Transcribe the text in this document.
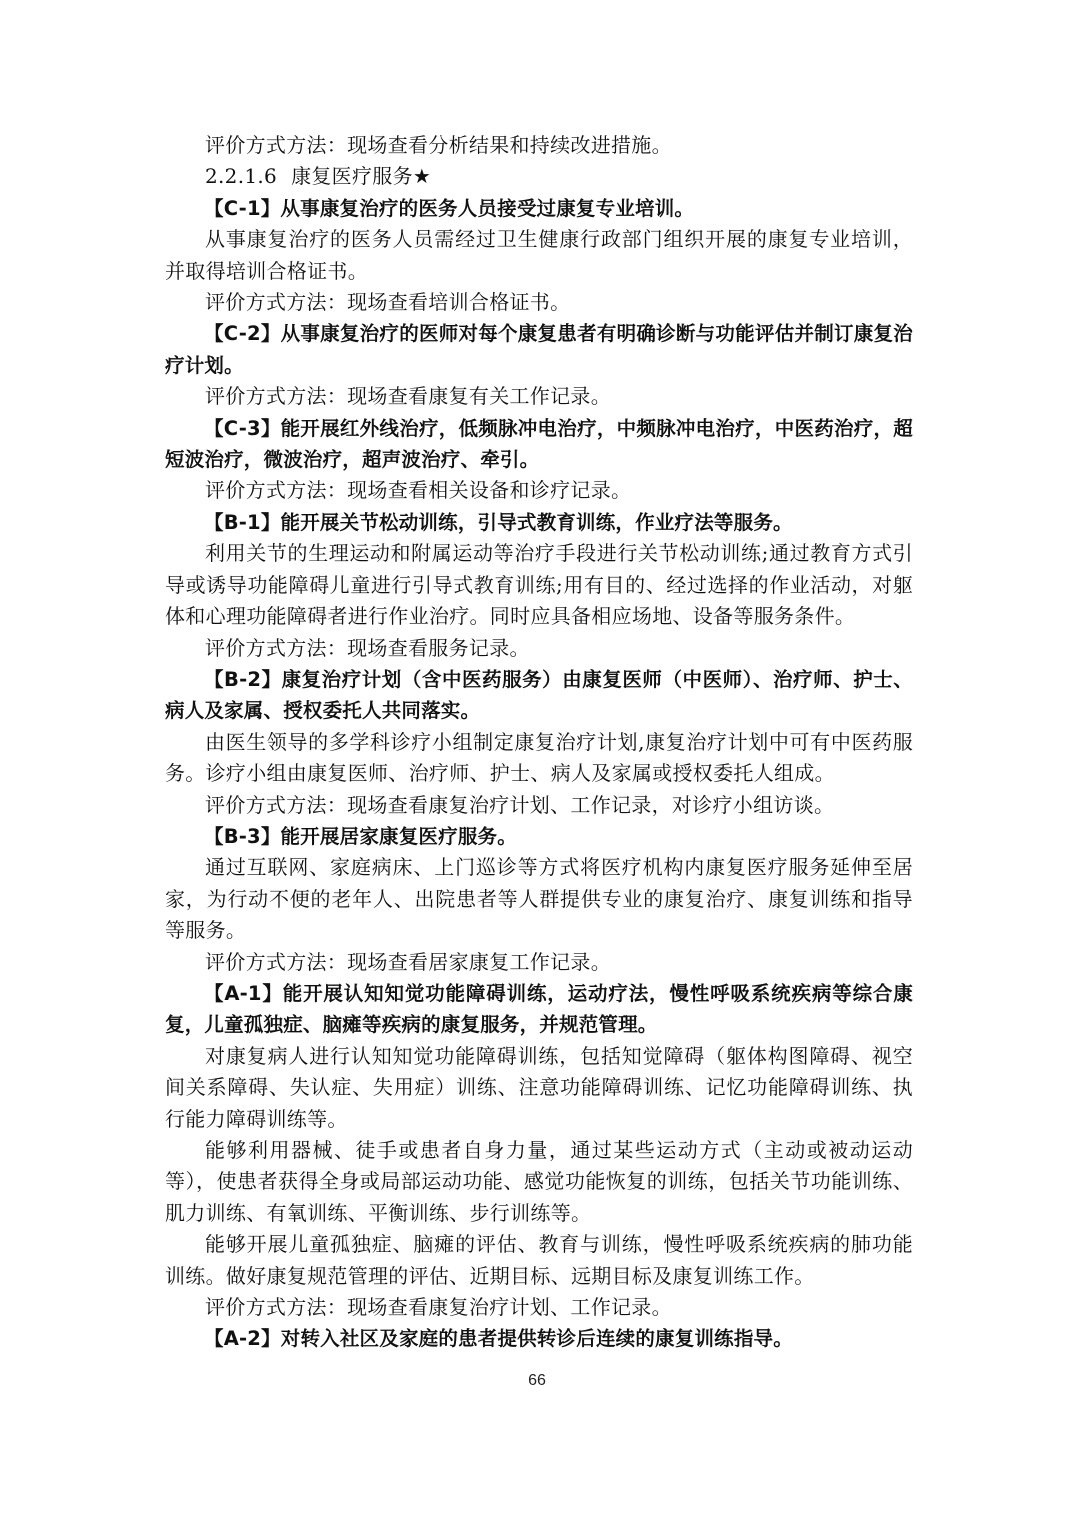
评价方式方法：现场查看分析结果和持续改进措施。

2.2.1.6 康复医疗服务★

【C-1】从事康复治疗的医务人员接受过康复专业培训。

从事康复治疗的医务人员需经过卫生健康行政部门组织开展的康复专业培训，并取得培训合格证书。

评价方式方法：现场查看培训合格证书。

【C-2】从事康复治疗的医师对每个康复患者有明确诊断与功能评估并制订康复治疗计划。

评价方式方法：现场查看康复有关工作记录。

【C-3】能开展红外线治疗，低频脉冲电治疗，中频脉冲电治疗，中医药治疗，超短波治疗，微波治疗，超声波治疗、牵引。

评价方式方法：现场查看相关设备和诊疗记录。

【B-1】能开展关节松动训练，引导式教育训练，作业疗法等服务。

利用关节的生理运动和附属运动等治疗手段进行关节松动训练;通过教育方式引导或诱导功能障碍儿童进行引导式教育训练;用有目的、经过选择的作业活动，对躯体和心理功能障碍者进行作业治疗。同时应具备相应场地、设备等服务条件。

评价方式方法：现场查看服务记录。

【B-2】康复治疗计划（含中医药服务）由康复医师（中医师）、治疗师、护士、病人及家属、授权委托人共同落实。

由医生领导的多学科诊疗小组制定康复治疗计划,康复治疗计划中可有中医药服务。诊疗小组由康复医师、治疗师、护士、病人及家属或授权委托人组成。

评价方式方法：现场查看康复治疗计划、工作记录，对诊疗小组访谈。

【B-3】能开展居家康复医疗服务。

通过互联网、家庭病床、上门巡诊等方式将医疗机构内康复医疗服务延伸至居家，为行动不便的老年人、出院患者等人群提供专业的康复治疗、康复训练和指导等服务。

评价方式方法：现场查看居家康复工作记录。

【A-1】能开展认知知觉功能障碍训练，运动疗法，慢性呼吸系统疾病等综合康复，儿童孤独症、脑瘫等疾病的康复服务，并规范管理。

对康复病人进行认知知觉功能障碍训练，包括知觉障碍（躯体构图障碍、视空间关系障碍、失认症、失用症）训练、注意功能障碍训练、记忆功能障碍训练、执行能力障碍训练等。

能够利用器械、徒手或患者自身力量，通过某些运动方式（主动或被动运动等），使患者获得全身或局部运动功能、感觉功能恢复的训练，包括关节功能训练、肌力训练、有氧训练、平衡训练、步行训练等。

能够开展儿童孤独症、脑瘫的评估、教育与训练，慢性呼吸系统疾病的肺功能训练。做好康复规范管理的评估、近期目标、远期目标及康复训练工作。

评价方式方法：现场查看康复治疗计划、工作记录。

【A-2】对转入社区及家庭的患者提供转诊后连续的康复训练指导。

66
